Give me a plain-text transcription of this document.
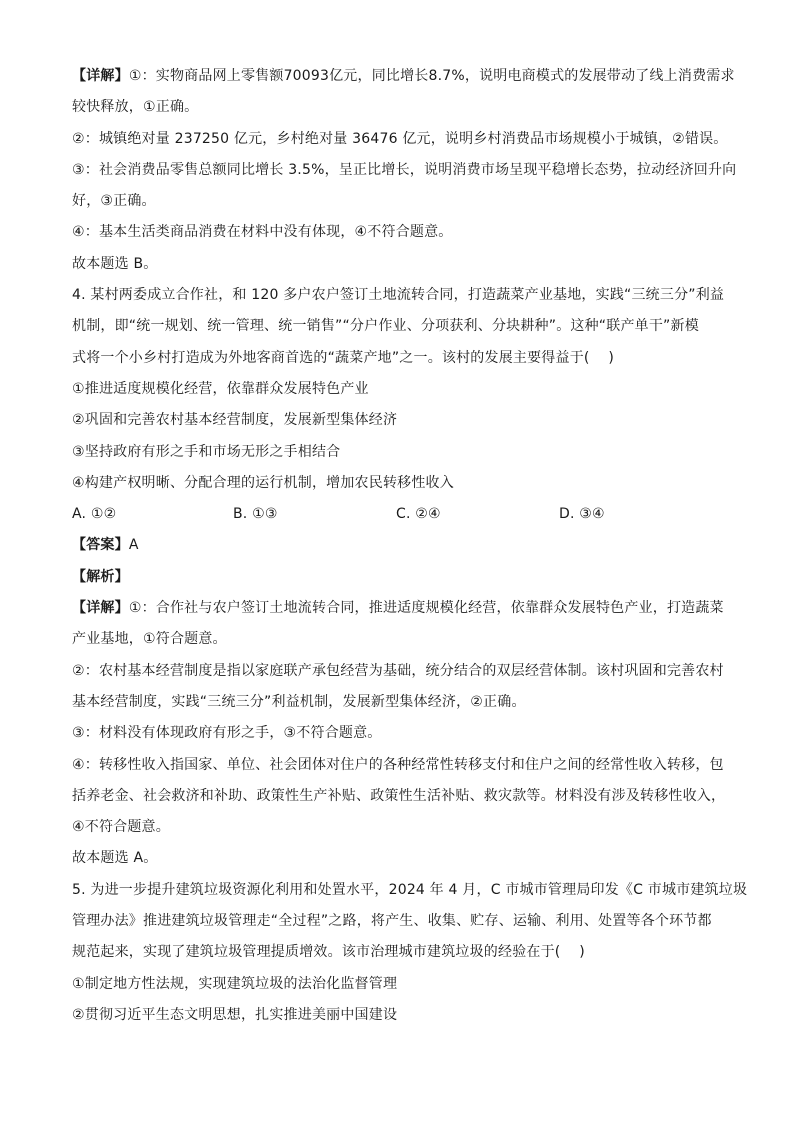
【详解】①：实物商品网上零售额70093亿元，同比增长8.7%，说明电商模式的发展带动了线上消费需求

较快释放，①正确。

②：城镇绝对量 237250 亿元，乡村绝对量 36476 亿元，说明乡村消费品市场规模小于城镇，②错误。

③：社会消费品零售总额同比增长 3.5%，呈正比增长，说明消费市场呈现平稳增长态势，拉动经济回升向

好，③正确。

④：基本生活类商品消费在材料中没有体现，④不符合题意。

故本题选 B。

4. 某村两委成立合作社，和 120 多户农户签订土地流转合同，打造蔬菜产业基地，实践“三统三分”利益

机制，即“统一规划、统一管理、统一销售”“分户作业、分项获利、分块耕种”。这种“联产单干”新模

式将一个小乡村打造成为外地客商首选的“蔬菜产地”之一。该村的发展主要得益于(　 )

①推进适度规模化经营，依靠群众发展特色产业

②巩固和完善农村基本经营制度，发展新型集体经济

③坚持政府有形之手和市场无形之手相结合

④构建产权明晰、分配合理的运行机制，增加农民转移性收入

A. ①②	B. ①③	C. ②④	D. ③④

【答案】A

【解析】

【详解】①：合作社与农户签订土地流转合同，推进适度规模化经营，依靠群众发展特色产业，打造蔬菜

产业基地，①符合题意。

②：农村基本经营制度是指以家庭联产承包经营为基础，统分结合的双层经营体制。该村巩固和完善农村

基本经营制度，实践“三统三分”利益机制，发展新型集体经济，②正确。

③：材料没有体现政府有形之手，③不符合题意。

④：转移性收入指国家、单位、社会团体对住户的各种经常性转移支付和住户之间的经常性收入转移，包

括养老金、社会救济和补助、政策性生产补贴、政策性生活补贴、救灾款等。材料没有涉及转移性收入，

④不符合题意。

故本题选 A。

5. 为进一步提升建筑垃圾资源化利用和处置水平，2024 年 4 月，C 市城市管理局印发《C 市城市建筑垃圾

管理办法》推进建筑垃圾管理走“全过程”之路，将产生、收集、贮存、运输、利用、处置等各个环节都

规范起来，实现了建筑垃圾管理提质增效。该市治理城市建筑垃圾的经验在于(　 )

①制定地方性法规，实现建筑垃圾的法治化监督管理

②贯彻习近平生态文明思想，扎实推进美丽中国建设
